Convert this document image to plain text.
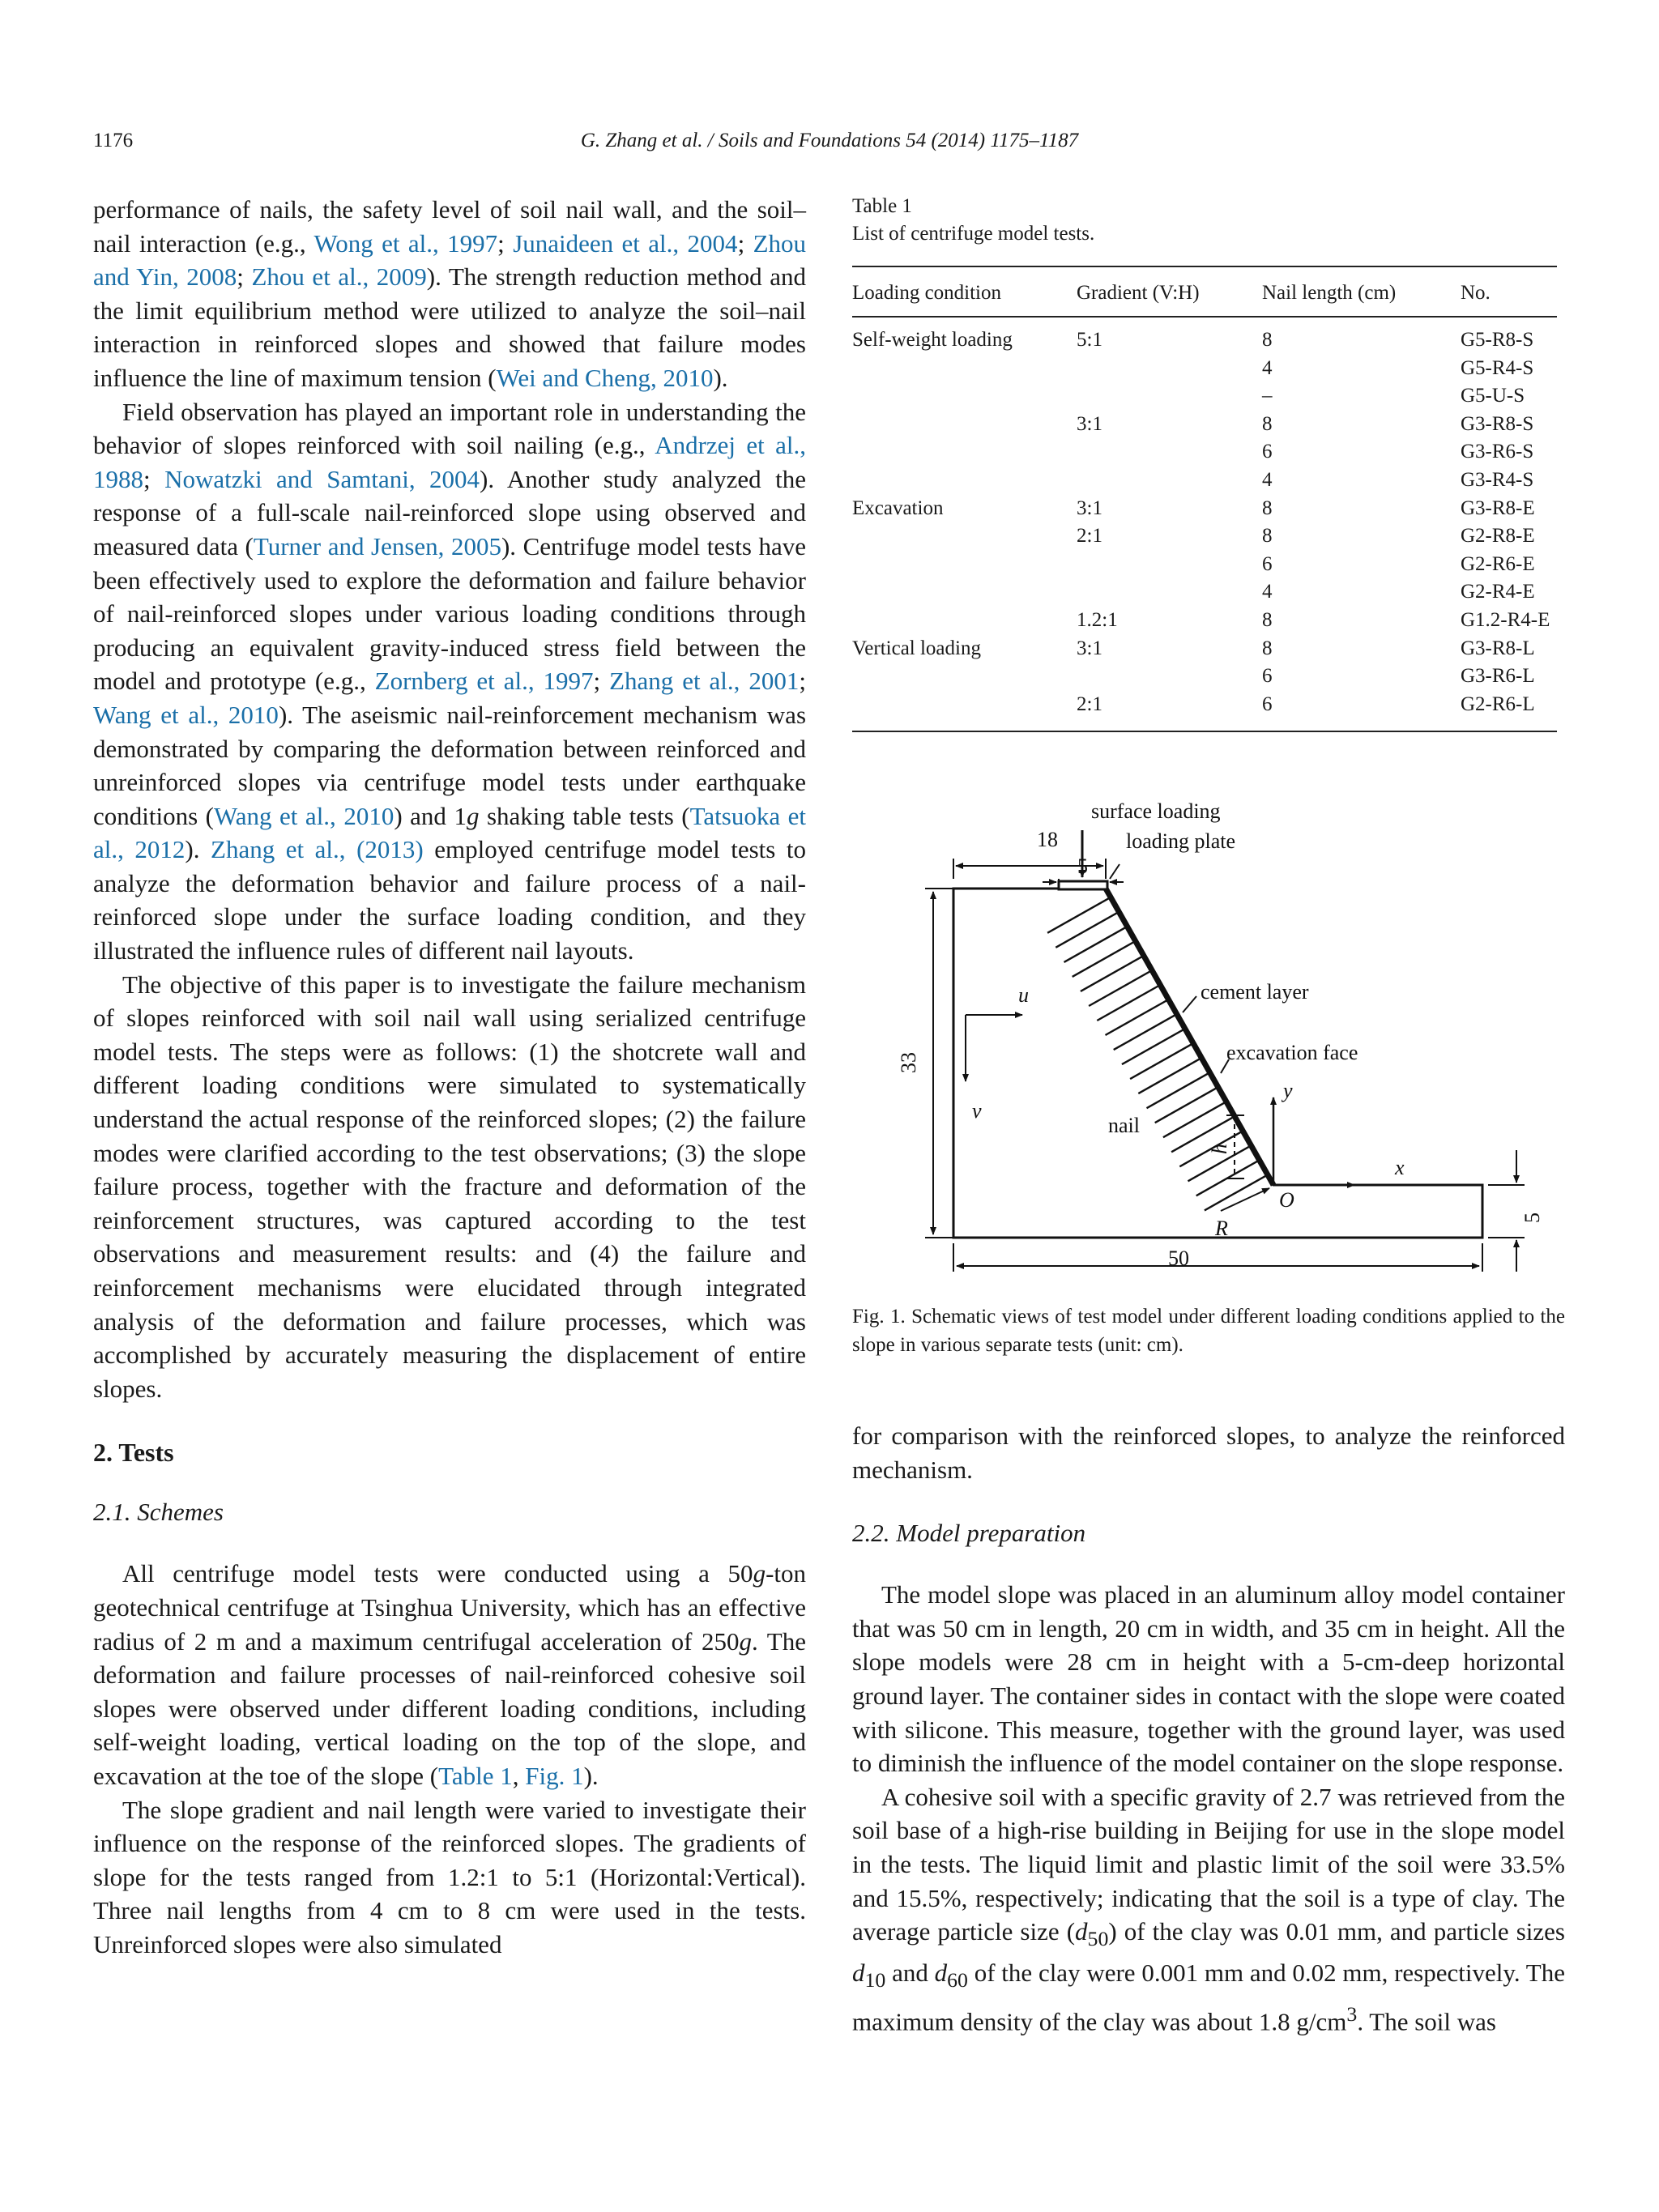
1176	G. Zhang et al. / Soils and Foundations 54 (2014) 1175–1187

performance of nails, the safety level of soil nail wall, and the soil–nail interaction (e.g., Wong et al., 1997; Junaideen et al., 2004; Zhou and Yin, 2008; Zhou et al., 2009). The strength reduction method and the limit equilibrium method were utilized to analyze the soil–nail interaction in reinforced slopes and showed that failure modes influence the line of maximum tension (Wei and Cheng, 2010).

Field observation has played an important role in understanding the behavior of slopes reinforced with soil nailing (e.g., Andrzej et al., 1988; Nowatzki and Samtani, 2004). Another study analyzed the response of a full-scale nail-reinforced slope using observed and measured data (Turner and Jensen, 2005). Centrifuge model tests have been effectively used to explore the deformation and failure behavior of nail-reinforced slopes under various loading conditions through producing an equivalent gravity-induced stress field between the model and prototype (e.g., Zornberg et al., 1997; Zhang et al., 2001; Wang et al., 2010). The aseismic nail-reinforcement mechanism was demonstrated by comparing the deformation between reinforced and unreinforced slopes via centrifuge model tests under earthquake conditions (Wang et al., 2010) and 1g shaking table tests (Tatsuoka et al., 2012). Zhang et al., (2013) employed centrifuge model tests to analyze the deformation behavior and failure process of a nail-reinforced slope under the surface loading condition, and they illustrated the influence rules of different nail layouts.

The objective of this paper is to investigate the failure mechanism of slopes reinforced with soil nail wall using serialized centrifuge model tests. The steps were as follows: (1) the shotcrete wall and different loading conditions were simulated to systematically understand the actual response of the reinforced slopes; (2) the failure modes were clarified according to the test observations; (3) the slope failure process, together with the fracture and deformation of the reinforcement structures, was captured according to the test observations and measurement results: and (4) the failure and reinforcement mechanisms were elucidated through integrated analysis of the deformation and failure processes, which was accomplished by accurately measuring the displacement of entire slopes.

2. Tests
2.1. Schemes

All centrifuge model tests were conducted using a 50g-ton geotechnical centrifuge at Tsinghua University, which has an effective radius of 2 m and a maximum centrifugal acceleration of 250g. The deformation and failure processes of nail-reinforced cohesive soil slopes were observed under different loading conditions, including self-weight loading, vertical loading on the top of the slope, and excavation at the toe of the slope (Table 1, Fig. 1).

The slope gradient and nail length were varied to investigate their influence on the response of the reinforced slopes. The gradients of slope for the tests ranged from 1.2:1 to 5:1 (Horizontal:Vertical). Three nail lengths from 4 cm to 8 cm were used in the tests. Unreinforced slopes were also simulated

Table 1
List of centrifuge model tests.
Loading condition	Gradient (V:H)	Nail length (cm)	No.
Self-weight loading	5:1	8	G5-R8-S
		4	G5-R4-S
		–	G5-U-S
	3:1	8	G3-R8-S
		6	G3-R6-S
		4	G3-R4-S
Excavation	3:1	8	G3-R8-E
	2:1	8	G2-R8-E
		6	G2-R6-E
		4	G2-R4-E
	1.2:1	8	G1.2-R4-E
Vertical loading	3:1	8	G3-R8-L
		6	G3-R6-L
	2:1	6	G2-R6-L
surface loading
loading plate
cement layer
excavation face
nail
18
5
50
33
5
u
v
x
y
O
R
h
Fig. 1. Schematic views of test model under different loading conditions applied to the slope in various separate tests (unit: cm).

for comparison with the reinforced slopes, to analyze the reinforced mechanism.

2.2. Model preparation

The model slope was placed in an aluminum alloy model container that was 50 cm in length, 20 cm in width, and 35 cm in height. All the slope models were 28 cm in height with a 5-cm-deep horizontal ground layer. The container sides in contact with the slope were coated with silicone. This measure, together with the ground layer, was used to diminish the influence of the model container on the slope response.

A cohesive soil with a specific gravity of 2.7 was retrieved from the soil base of a high-rise building in Beijing for use in the slope model in the tests. The liquid limit and plastic limit of the soil were 33.5% and 15.5%, respectively; indicating that the soil is a type of clay. The average particle size $(d_{50})$ of the clay was 0.01 mm, and particle sizes $d_{10}$ and $d_{60}$ of the clay were 0.001 mm and 0.02 mm, respectively. The maximum density of the clay was about 1.8 $g/cm^3$. The soil was
